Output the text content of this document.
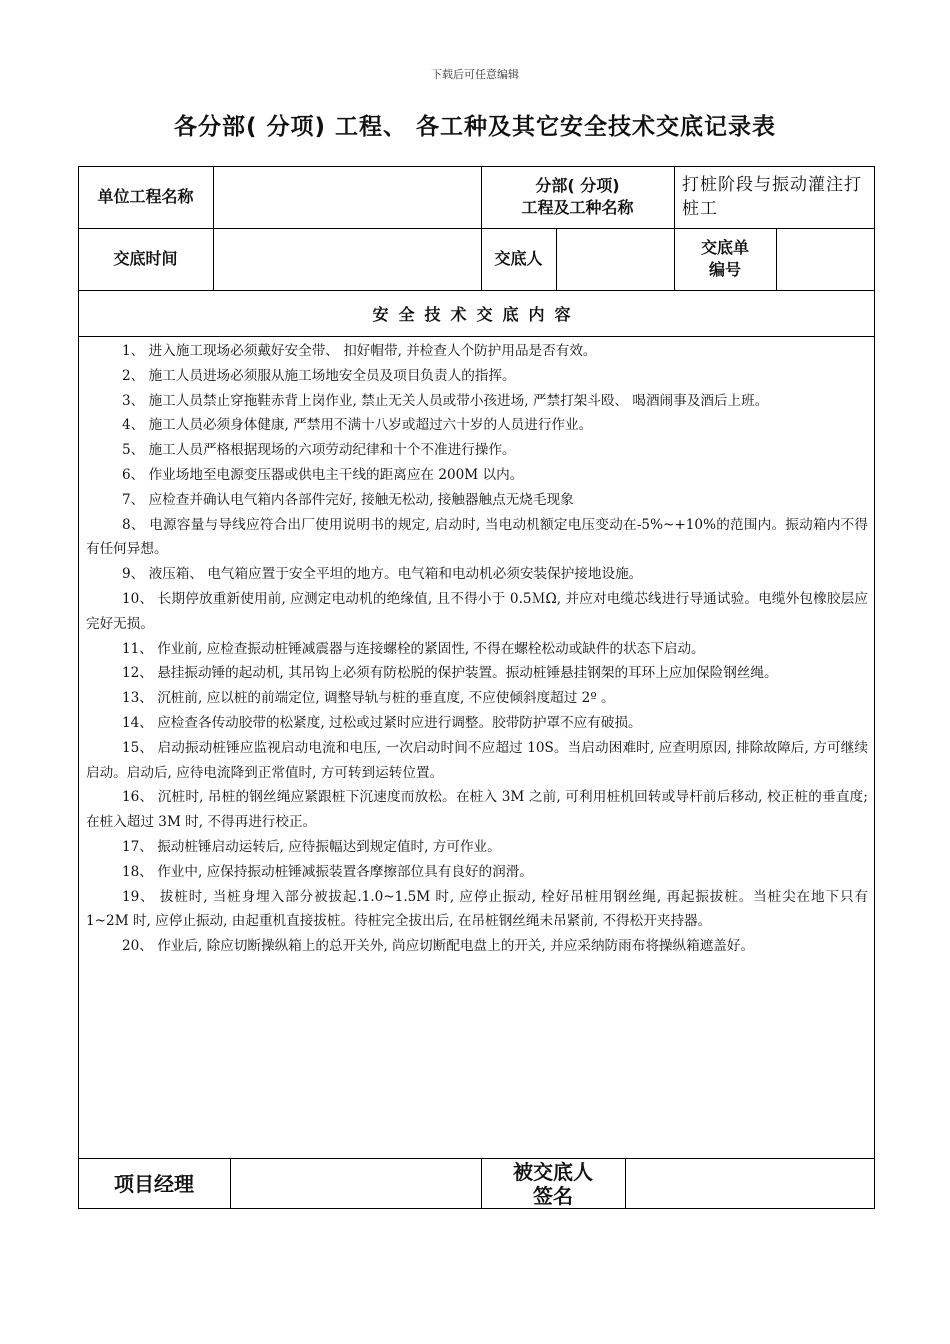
下载后可任意编辑
各分部( 分项) 工程、 各工种及其它安全技术交底记录表
单位工程名称
分部( 分项)
工程及工种名称
打桩阶段与振动灌注打桩工
交底时间	交底人
交底单
编号
安全技术交底内容

1、 进入施工现场必须戴好安全带、 扣好帽带, 并检查人个防护用品是否有效。

2、 施工人员进场必须服从施工场地安全员及项目负责人的指挥。

3、 施工人员禁止穿拖鞋赤背上岗作业, 禁止无关人员或带小孩进场, 严禁打架斗殴、 喝酒闹事及酒后上班。

4、 施工人员必须身体健康, 严禁用不满十八岁或超过六十岁的人员进行作业。

5、 施工人员严格根据现场的六项劳动纪律和十个不准进行操作。

6、 作业场地至电源变压器或供电主干线的距离应在 200M 以内。

7、 应检查并确认电气箱内各部件完好, 接触无松动, 接触器触点无烧毛现象

8、 电源容量与导线应符合出厂使用说明书的规定, 启动时, 当电动机额定电压变动在-5%~+10%的范围内。振动箱内不得有任何异想。

9、 液压箱、 电气箱应置于安全平坦的地方。电气箱和电动机必须安装保护接地设施。

10、 长期停放重新使用前, 应测定电动机的绝缘值, 且不得小于 0.5ＭΩ, 并应对电缆芯线进行导通试验。电缆外包橡胶层应完好无损。

11、 作业前, 应检查振动桩锤减震器与连接螺栓的紧固性, 不得在螺栓松动或缺件的状态下启动。

12、 悬挂振动锤的起动机, 其吊钩上必须有防松脱的保护装置。振动桩锤悬挂钢架的耳环上应加保险钢丝绳。

13、 沉桩前, 应以桩的前端定位, 调整导轨与桩的垂直度, 不应使倾斜度超过 2º 。

14、 应检查各传动胶带的松紧度, 过松或过紧时应进行调整。胶带防护罩不应有破损。

15、 启动振动桩锤应监视启动电流和电压, 一次启动时间不应超过 10S。当启动困难时, 应查明原因, 排除故障后, 方可继续启动。启动后, 应待电流降到正常值时, 方可转到运转位置。

16、 沉桩时, 吊桩的钢丝绳应紧跟桩下沉速度而放松。在桩入 3M 之前, 可利用桩机回转或导杆前后移动, 校正桩的垂直度; 在桩入超过 3M 时, 不得再进行校正。

17、 振动桩锤启动运转后, 应待振幅达到规定值时, 方可作业。

18、 作业中, 应保持振动桩锤减振装置各摩擦部位具有良好的润滑。

19、 拔桩时, 当桩身埋入部分被拔起.1.0~1.5M 时, 应停止振动, 栓好吊桩用钢丝绳, 再起振拔桩。当桩尖在地下只有 1~2M 时, 应停止振动, 由起重机直接拔桩。待桩完全拔出后, 在吊桩钢丝绳未吊紧前, 不得松开夹持器。

20、 作业后, 除应切断操纵箱上的总开关外, 尚应切断配电盘上的开关, 并应采纳防雨布将操纵箱遮盖好。

项目经理	被交底人
签名
